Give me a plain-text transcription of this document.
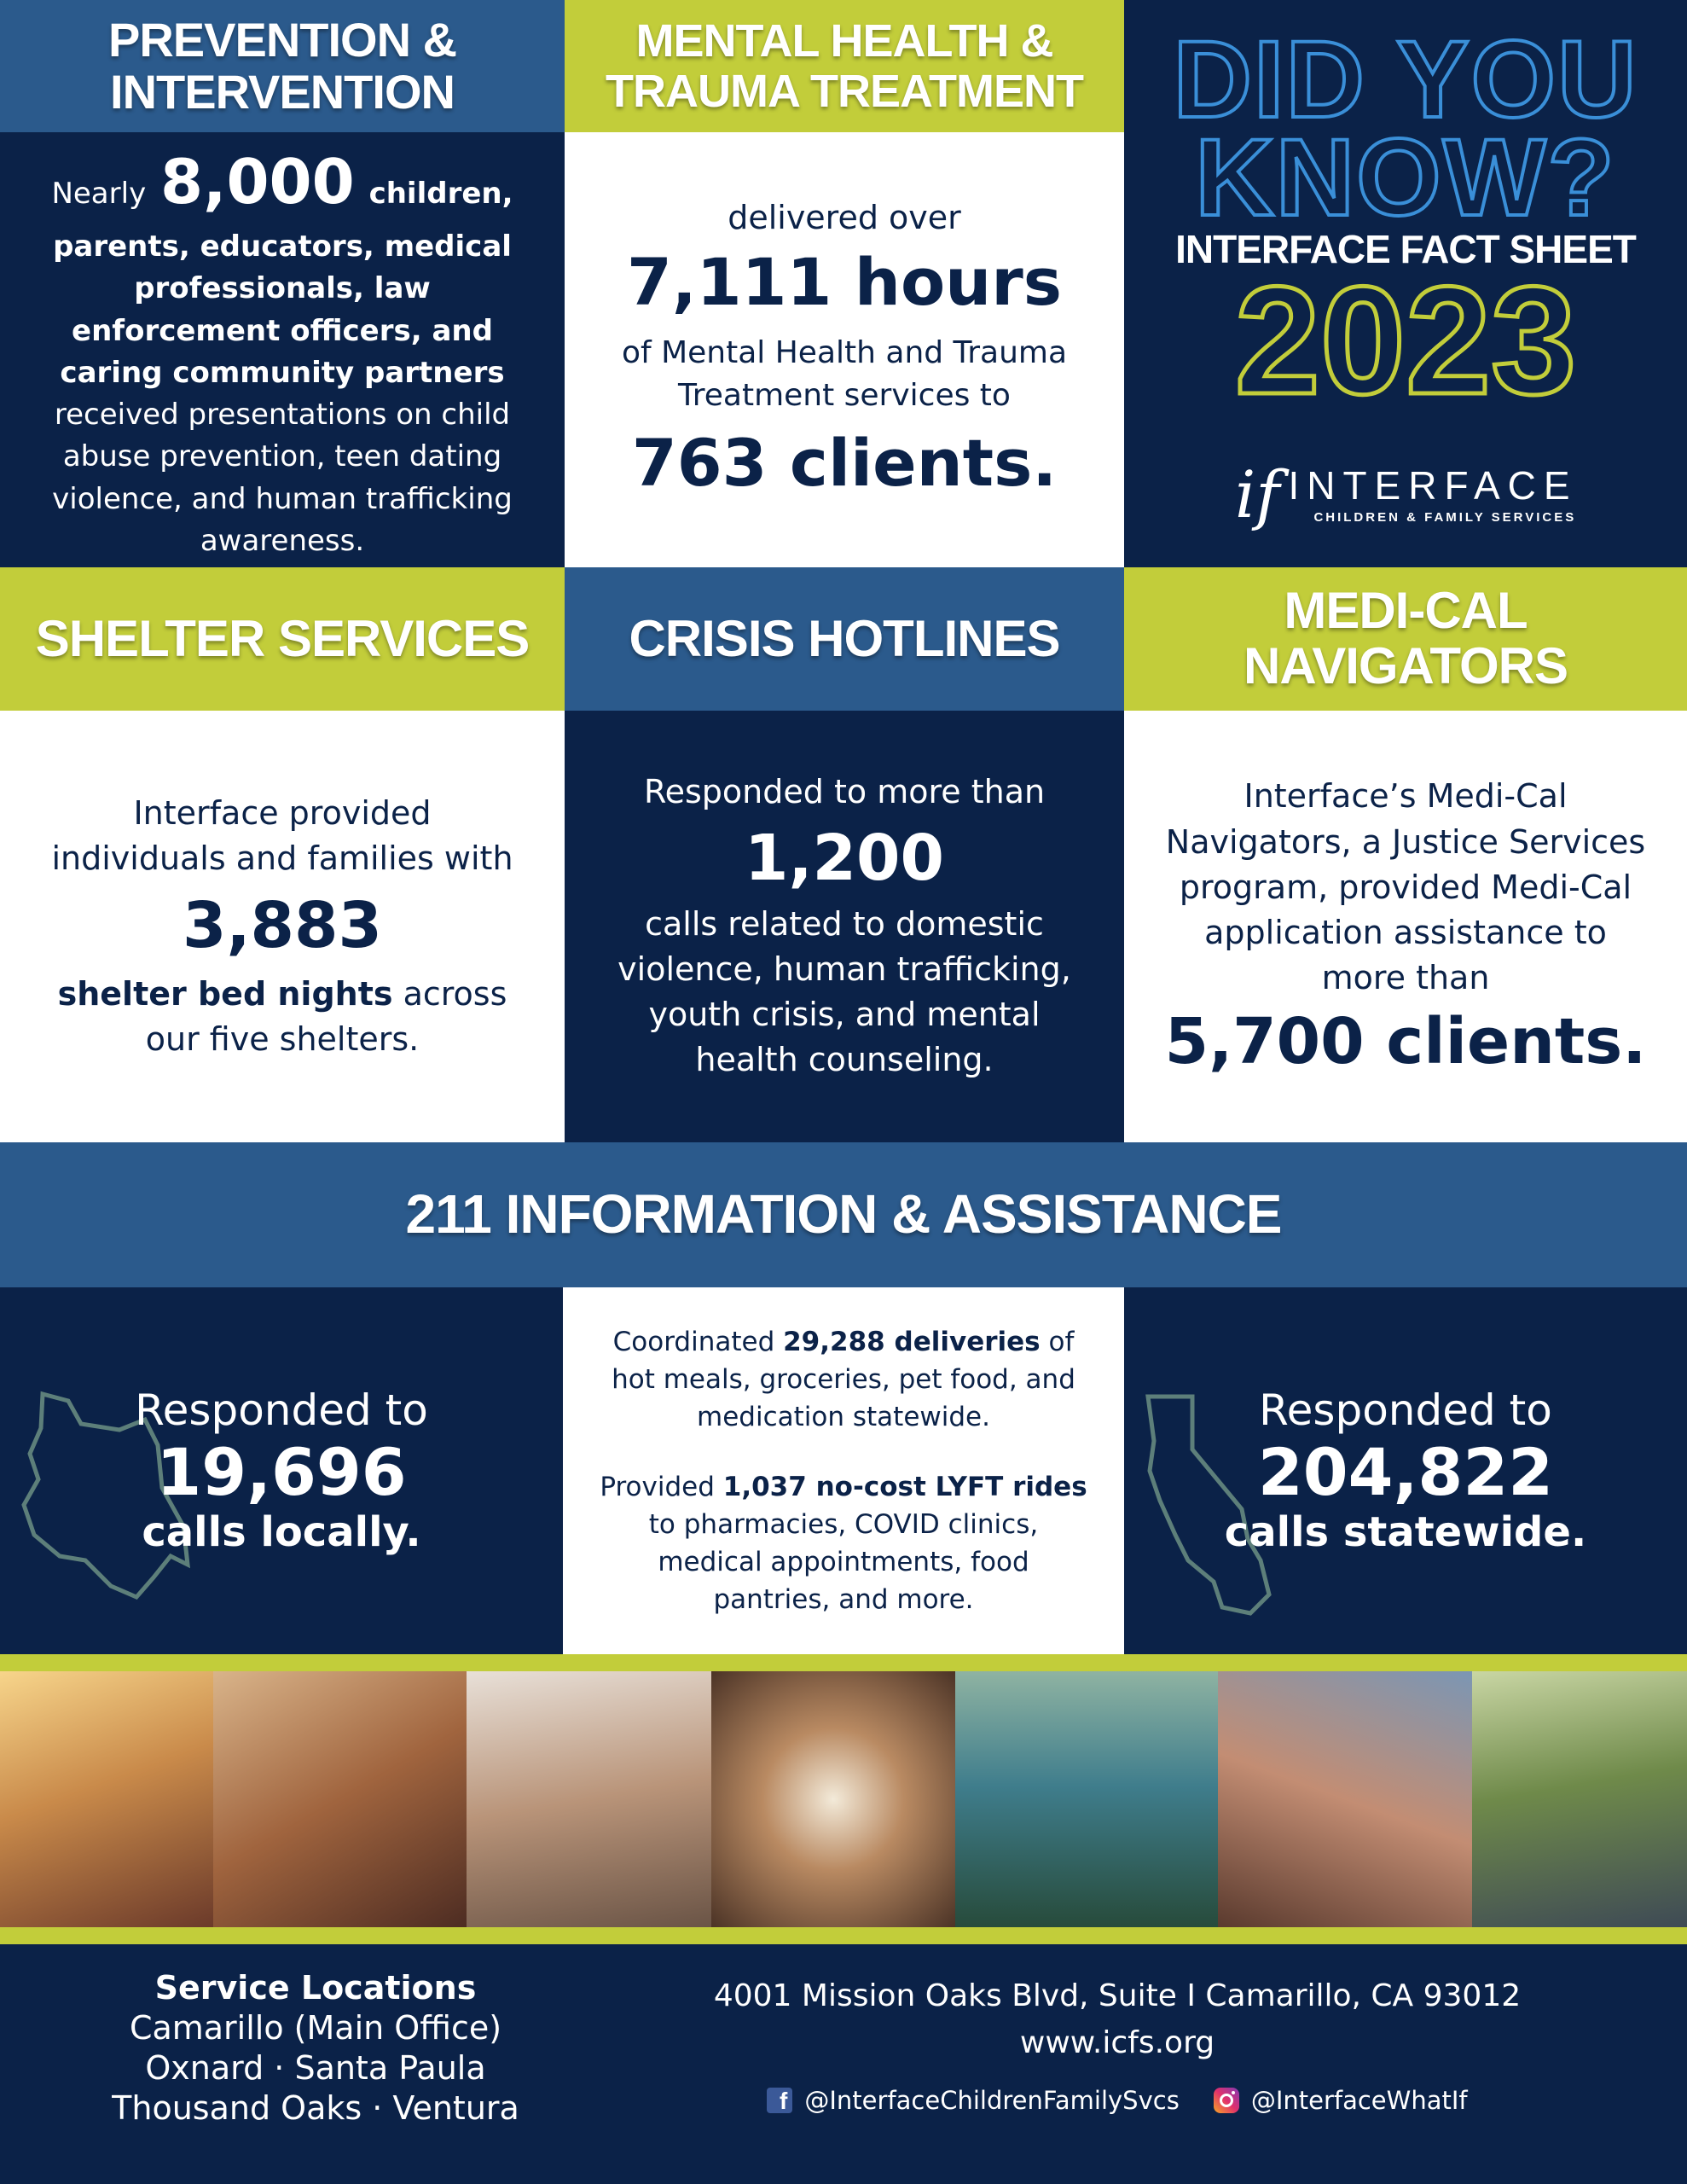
PREVENTION & INTERVENTION
MENTAL HEALTH & TRAUMA TREATMENT
Nearly 8,000 children, parents, educators, medical professionals, law enforcement officers, and caring community partners received presentations on child abuse prevention, teen dating violence, and human trafficking awareness.
delivered over
7,111 hours
of Mental Health and Trauma Treatment services to
763 clients.
DID YOU
KNOW?
INTERFACE FACT SHEET
2023
if INTERFACE
CHILDREN & FAMILY SERVICES
SHELTER SERVICES CRISIS HOTLINES	MEDI-CAL NAVIGATORS
Interface provided individuals and families with
3,883
shelter bed nights across our five shelters.
Responded to more than
1,200
calls related to domestic violence, human trafficking, youth crisis, and mental health counseling.
Interface’s Medi-Cal Navigators, a Justice Services program, provided Medi-Cal application assistance to more than
5,700 clients.
211 INFORMATION & ASSISTANCE
Responded to
19,696
calls locally.
Coordinated 29,288 deliveries of hot meals, groceries, pet food, and medication statewide.
Provided 1,037 no-cost LYFT rides to pharmacies, COVID clinics, medical appointments, food pantries, and more.
Responded to
204,822
calls statewide.
Service Locations
Camarillo (Main Office)
Oxnard · Santa Paula
Thousand Oaks · Ventura
4001 Mission Oaks Blvd, Suite I Camarillo, CA 93012
www.icfs.org
f @InterfaceChildrenFamilySvcs	@InterfaceWhatIf
